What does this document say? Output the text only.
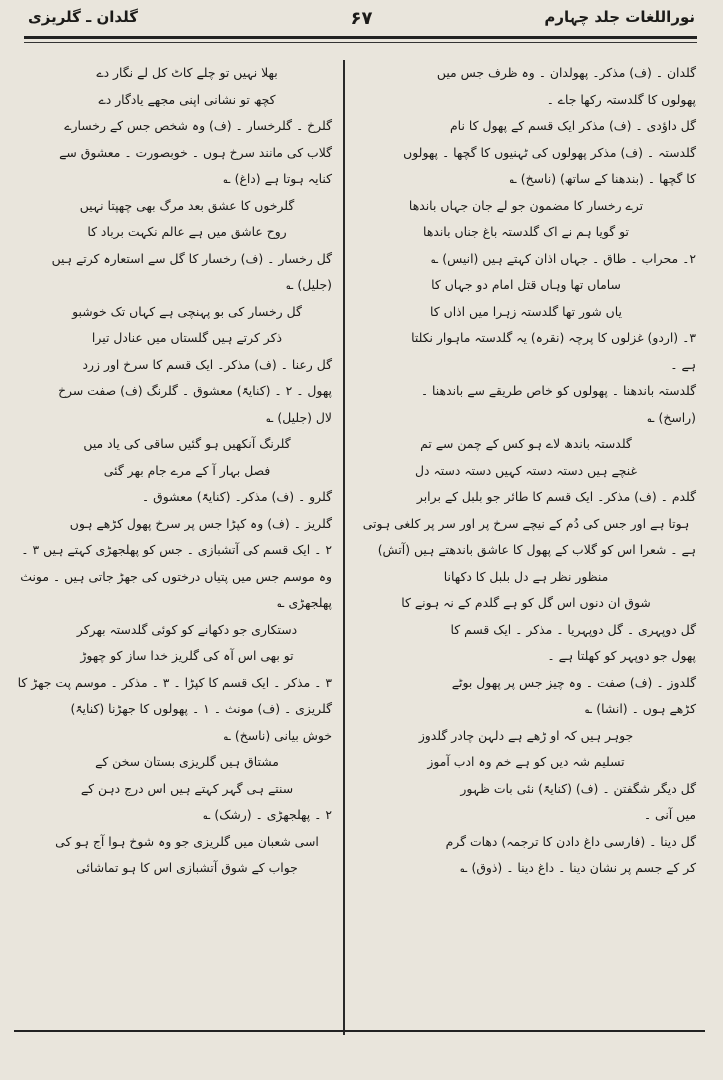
نوراللغات جلد چہارم
۶۷
گلدان ـ گلریزی

گلدان ۔ (ف) مذکر۔ پھولدان ۔ وہ ظرف جس میں

پھولوں کا گلدستہ رکھا جاے ۔

گل داؤدی ۔ (ف) مذکر ایک قسم کے پھول کا نام

گلدستہ ۔ (ف) مذکر پھولوں کی ٹہنیوں کا گچھا ۔ پھولوں

کا گچھا ۔ (بندھنا کے ساتھ) (ناسخ) ؎

ترے رخسار کا مضمون جو لے جان جہاں باندھا

تو گویا ہم نے اک گلدستہ باغ جناں باندھا

۲۔ محراب ۔ طاق ۔ جہاں اذان کہتے ہیں (انیس) ؎

ساماں تھا وہاں قتل امام دو جہاں کا

یاں شور تھا گلدستہ زہرا میں اذاں کا

۳۔ (اردو) غزلوں کا پرچہ (نقرہ) یہ گلدستہ ماہوار نکلتا

ہے ۔

گلدستہ باندھنا ۔ پھولوں کو خاص طریقے سے باندھنا ۔

(راسخ) ؎

گلدستہ باندھ لاے ہو کس کے چمن سے تم

غنچے ہیں دستہ دستہ کہیں دستہ دستہ دل

گلدم ۔ (ف) مذکر۔ ایک قسم کا طائر جو بلبل کے برابر

ہوتا ہے اور جس کی دُم کے نیچے سرخ پر اور سر پر کلغی ہوتی

ہے ۔ شعرا اس کو گلاب کے پھول کا عاشق باندھتے ہیں (آتش)

منظور نظر ہے دل بلبل کا دکھانا

شوق ان دنوں اس گل کو ہے گلدم کے نہ ہونے کا

گل دوپہری ۔ گل دوپہریا ۔ مذکر ۔ ایک قسم کا

پھول جو دوپہر کو کھلتا ہے ۔

گلدوز ۔ (ف) صفت ۔ وہ چیز جس پر پھول بوٹے

کڑھے ہوں ۔ (انشا) ؎

جوہر ہیں کہ او ڑھے ہے دلہن چادر گلدوز

تسلیم شہ دیں کو ہے خم وہ ادب آموز

گل دیگر شگفتن ۔ (ف) (کنایۃً) نئی بات ظہور

میں آنی ۔

گل دینا ۔ (فارسی داغ دادن کا ترجمہ) دھات گرم

کر کے جسم پر نشان دینا ۔ داغ دینا ۔ (ذوق) ؎

بھلا نہیں تو چلے کاٹ کل لے نگار دے

کچھ تو نشانی اپنی مجھے یادگار دے

گلرخ ۔ گلرخسار ۔ (ف) وہ شخص جس کے رخسارے

گلاب کی مانند سرخ ہوں ۔ خوبصورت ۔ معشوق سے

کنایہ ہوتا ہے (داغ) ؎

گلرخوں کا عشق بعد مرگ بھی چھپتا نہیں

روح عاشق میں ہے عالم نکہت برباد کا

گل رخسار ۔ (ف) رخسار کا گل سے استعارہ کرتے ہیں

(جلیل) ؎

گل رخسار کی بو پہنچی ہے کہاں تک خوشبو

ذکر کرتے ہیں گلستاں میں عنادل تیرا

گل رعنا ۔ (ف) مذکر۔ ایک قسم کا سرخ اور زرد

پھول ۔ ۲ ۔ (کنایۃً) معشوق ۔ گلرنگ (ف) صفت سرخ

لال (جلیل) ؎

گلرنگ آنکھیں ہو گئیں ساقی کی یاد میں

فصل بہار آ کے مرے جام بھر گئی

گلرو ۔ (ف) مذکر۔ (کنایۃً) معشوق ۔

گلریز ۔ (ف) وہ کپڑا جس پر سرخ پھول کڑھے ہوں

۲ ۔ ایک قسم کی آتشبازی ۔ جس کو پھلجھڑی کہتے ہیں ۳ ۔

وہ موسم جس میں پتیاں درختوں کی جھڑ جاتی ہیں ۔ مونث

پھلجھڑی ؎

دستکاری جو دکھانے کو کوئی گلدستہ بھرکر

تو بھی اس آہ کی گلریز خدا ساز کو چھوڑ

۳ ۔ مذکر ۔ ایک قسم کا کپڑا ۔ ۳ ۔ مذکر ۔ موسم پت جھڑ کا

گلریزی ۔ (ف) مونث ۔ ۱ ۔ پھولوں کا جھڑنا (کنایۃً)

خوش بیانی (ناسخ) ؎

مشتاق ہیں گلریزی بستان سخن کے

سنتے ہی گہر کہتے ہیں اس درج دہن کے

۲ ۔ پھلجھڑی ۔ (رشک) ؎

اسی شعبان میں گلریزی جو وہ شوخ ہوا آج ہو کی

جواب کے شوق آتشبازی اس کا ہو تماشائی
